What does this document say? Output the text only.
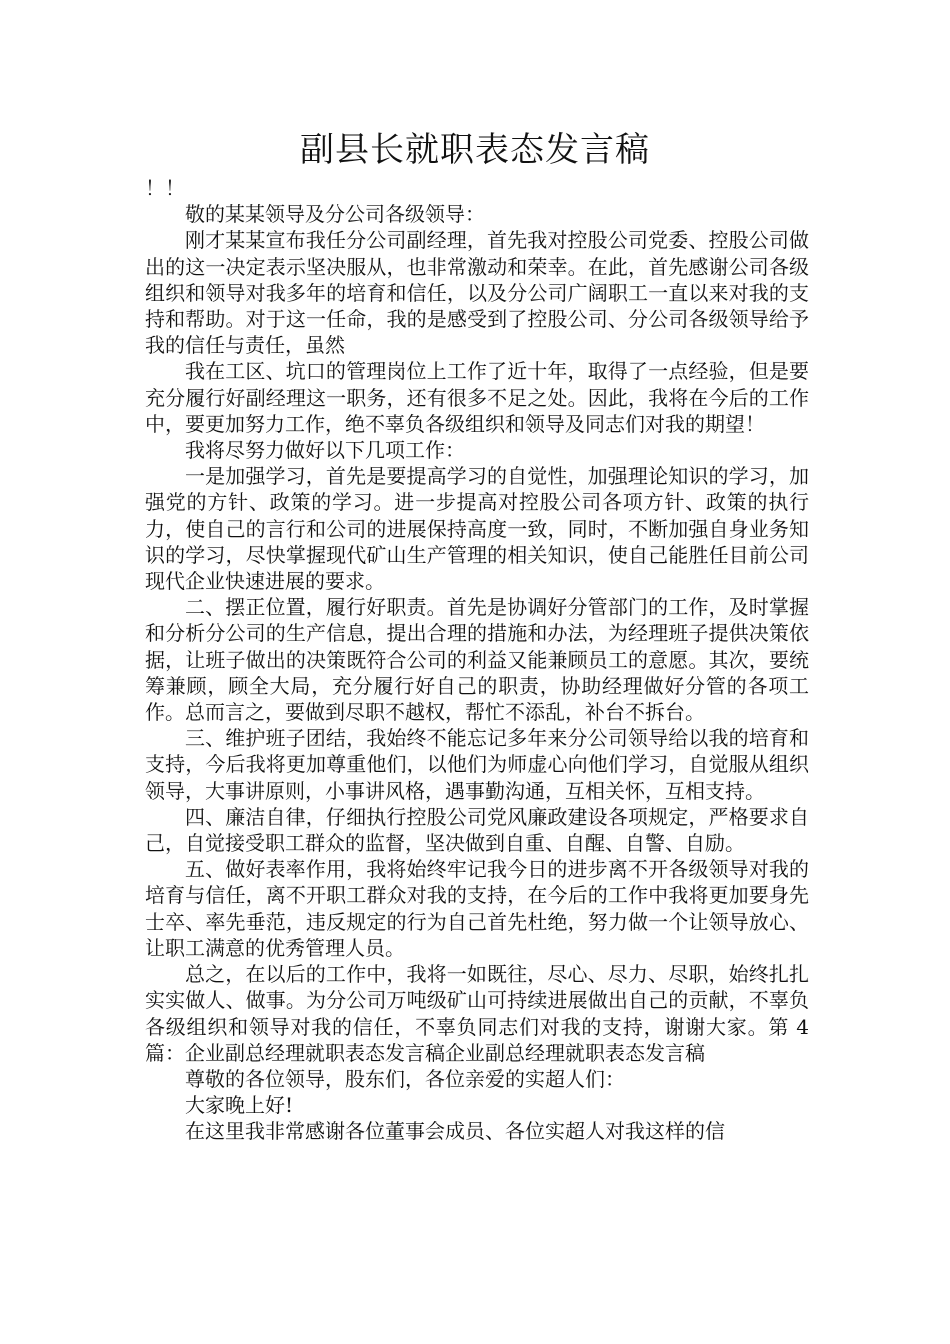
副县长就职表态发言稿

！！

敬的某某领导及分公司各级领导：

刚才某某宣布我任分公司副经理，首先我对控股公司党委、控股公司做出的这一决定表示坚决服从，也非常激动和荣幸。在此，首先感谢公司各级组织和领导对我多年的培育和信任，以及分公司广阔职工一直以来对我的支持和帮助。对于这一任命，我的是感受到了控股公司、分公司各级领导给予我的信任与责任，虽然

我在工区、坑口的管理岗位上工作了近十年，取得了一点经验，但是要充分履行好副经理这一职务，还有很多不足之处。因此，我将在今后的工作中，要更加努力工作，绝不辜负各级组织和领导及同志们对我的期望！

我将尽努力做好以下几项工作：

一是加强学习，首先是要提高学习的自觉性，加强理论知识的学习，加强党的方针、政策的学习。进一步提高对控股公司各项方针、政策的执行力，使自己的言行和公司的进展保持高度一致，同时，不断加强自身业务知识的学习，尽快掌握现代矿山生产管理的相关知识，使自己能胜任目前公司现代企业快速进展的要求。

二、摆正位置，履行好职责。首先是协调好分管部门的工作，及时掌握和分析分公司的生产信息，提出合理的措施和办法，为经理班子提供决策依据，让班子做出的决策既符合公司的利益又能兼顾员工的意愿。其次，要统筹兼顾，顾全大局，充分履行好自己的职责，协助经理做好分管的各项工作。总而言之，要做到尽职不越权，帮忙不添乱，补台不拆台。

三、维护班子团结，我始终不能忘记多年来分公司领导给以我的培育和支持，今后我将更加尊重他们，以他们为师虚心向他们学习，自觉服从组织领导，大事讲原则，小事讲风格，遇事勤沟通，互相关怀，互相支持。

四、廉洁自律，仔细执行控股公司党风廉政建设各项规定，严格要求自己，自觉接受职工群众的监督，坚决做到自重、自醒、自警、自励。

五、做好表率作用，我将始终牢记我今日的进步离不开各级领导对我的培育与信任，离不开职工群众对我的支持，在今后的工作中我将更加要身先士卒、率先垂范，违反规定的行为自己首先杜绝，努力做一个让领导放心、让职工满意的优秀管理人员。

总之，在以后的工作中，我将一如既往，尽心、尽力、尽职，始终扎扎实实做人、做事。为分公司万吨级矿山可持续进展做出自己的贡献，不辜负各级组织和领导对我的信任，不辜负同志们对我的支持，谢谢大家。第 4 篇：企业副总经理就职表态发言稿企业副总经理就职表态发言稿

尊敬的各位领导，股东们，各位亲爱的实超人们：

大家晚上好!

在这里我非常感谢各位董事会成员、各位实超人对我这样的信
